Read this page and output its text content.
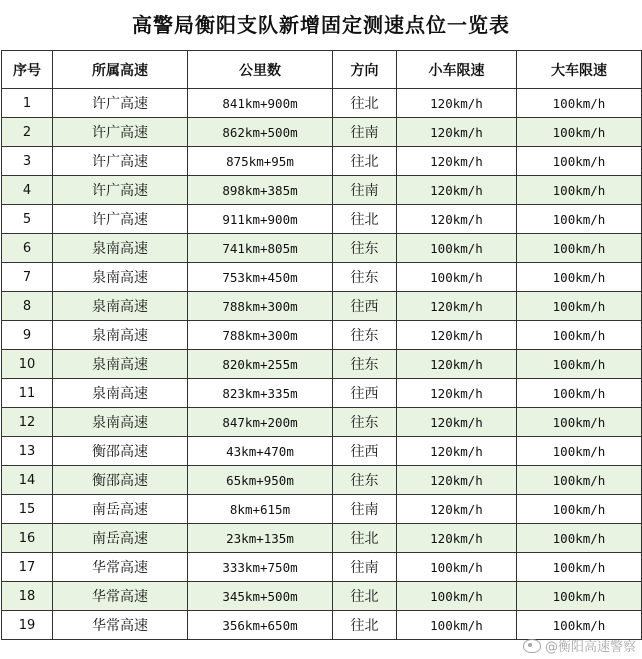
高警局衡阳支队新增固定测速点位一览表
序号	所属高速	公里数	方向	小车限速	大车限速
1	许广高速	841km+900m	往北	120km/h	100km/h
2	许广高速	862km+500m	往南	120km/h	100km/h
3	许广高速	875km+95m	往北	120km/h	100km/h
4	许广高速	898km+385m	往南	120km/h	100km/h
5	许广高速	911km+900m	往北	120km/h	100km/h
6	泉南高速	741km+805m	往东	100km/h	100km/h
7	泉南高速	753km+450m	往东	100km/h	100km/h
8	泉南高速	788km+300m	往西	120km/h	100km/h
9	泉南高速	788km+300m	往东	120km/h	100km/h
10	泉南高速	820km+255m	往东	120km/h	100km/h
11	泉南高速	823km+335m	往西	120km/h	100km/h
12	泉南高速	847km+200m	往东	120km/h	100km/h
13	衡邵高速	43km+470m	往西	120km/h	100km/h
14	衡邵高速	65km+950m	往东	120km/h	100km/h
15	南岳高速	8km+615m	往南	120km/h	100km/h
16	南岳高速	23km+135m	往北	120km/h	100km/h
17	华常高速	333km+750m	往南	100km/h	100km/h
18	华常高速	345km+500m	往北	100km/h	100km/h
19	华常高速	356km+650m	往北	100km/h	100km/h
@衡阳高速警察
